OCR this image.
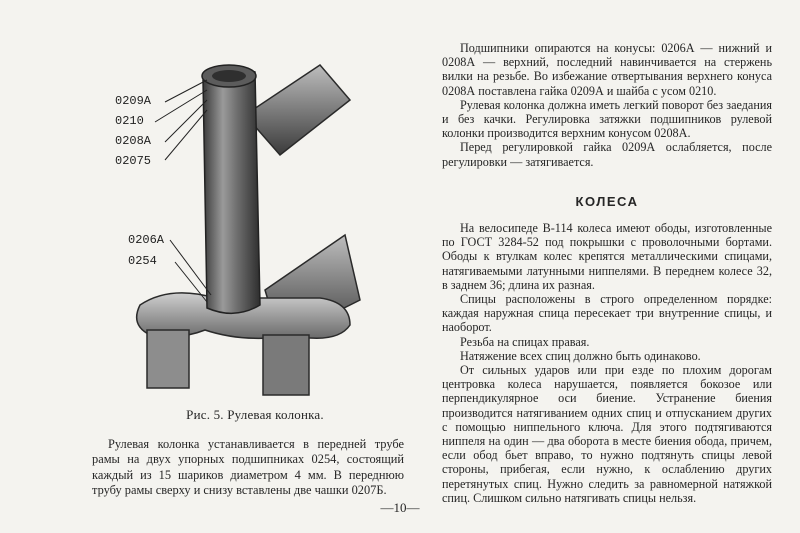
0209А
0210
0208А
02075
0206А
0254
Рис. 5. Рулевая колонка.

Рулевая колонка устанавливается в передней трубе рамы на двух упорных подшипниках 0254, состоящий каждый из 15 шариков диаметром 4 мм. В переднюю трубу рамы сверху и снизу вставлены две чашки 0207Б.

Подшипники опираются на конусы: 0206А — нижний и 0208А — верхний, последний навинчивается на стержень вилки на резьбе. Во избежание отвертывания верхнего конуса 0208А поставлена гайка 0209А и шайба с усом 0210.

Рулевая колонка должна иметь легкий поворот без заедания и без качки. Регулировка затяжки подшипников рулевой колонки производится верхним конусом 0208А.

Перед регулировкой гайка 0209А ослабляется, после регулировки — затягивается.

КОЛЕСА

На велосипеде В-114 колеса имеют ободы, изготовленные по ГОСТ 3284-52 под покрышки с проволочными бортами. Ободы к втулкам колес крепятся металлическими спицами, натягиваемыми латунными ниппелями. В переднем колесе 32, в заднем 36; длина их разная.

Спицы расположены в строго определенном порядке: каждая наружная спица пересекает три внутренние спицы, и наоборот.

Резьба на спицах правая.

Натяжение всех спиц должно быть одинаково.

От сильных ударов или при езде по плохим дорогам центровка колеса нарушается, появляется бокозое или перпендикулярное оси биение. Устранение биения производится натягиванием одних спиц и отпусканием других с помощью ниппельного ключа. Для этого подтягиваются ниппеля на один — два оборота в месте биения обода, причем, если обод бьет вправо, то нужно подтянуть спицы левой стороны, прибегая, если нужно, к ослаблению других перетянутых спиц. Нужно следить за равномерной натяжкой спиц. Слишком сильно натягивать спицы нельзя.

—10—
